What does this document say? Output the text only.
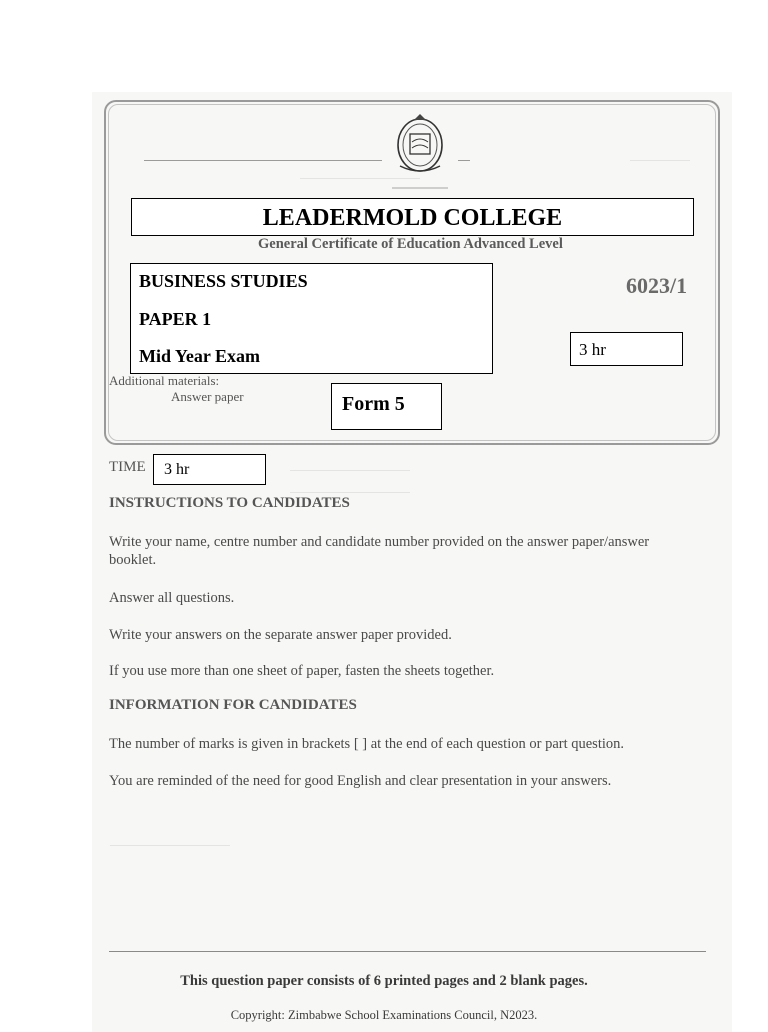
LEADERMOLD COLLEGE
General Certificate of Education Advanced Level
BUSINESS STUDIES
PAPER 1
Mid Year Exam
6023/1
3 hr
Additional materials:
Answer paper	Form 5
TIME	3 hr
INSTRUCTIONS TO CANDIDATES
Write your name, centre number and candidate number provided on the answer paper/answer booklet.
Answer all questions.
Write your answers on the separate answer paper provided.
If you use more than one sheet of paper, fasten the sheets together.
INFORMATION FOR CANDIDATES
The number of marks is given in brackets [ ] at the end of each question or part question.
You are reminded of the need for good English and clear presentation in your answers.
This question paper consists of 6 printed pages and 2 blank pages.
Copyright: Zimbabwe School Examinations Council, N2023.
